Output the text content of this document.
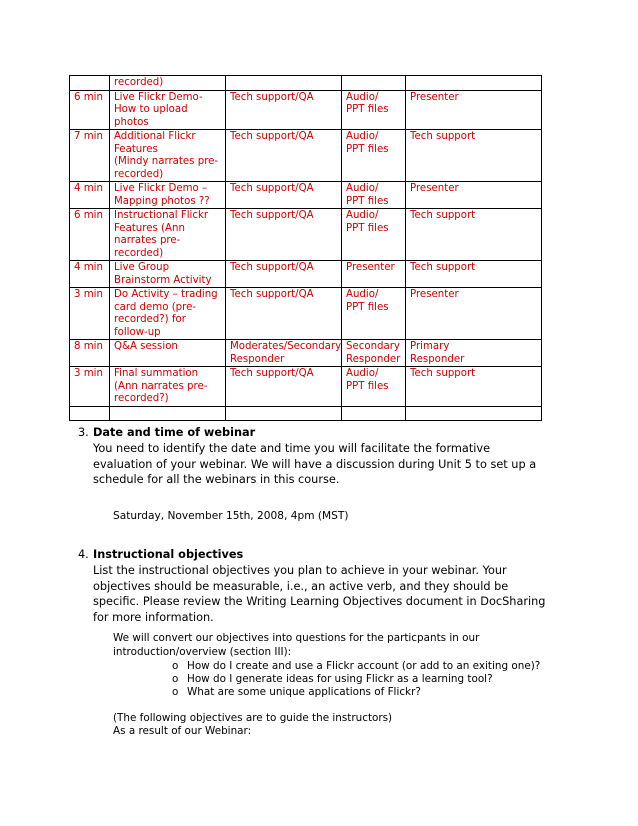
	recorded)			

6 min	Live Flickr Demo-
How to upload
photos	Tech support/QA	Audio/
PPT files	Presenter

7 min	Additional Flickr
Features
(Mindy narrates pre-
recorded)	Tech support/QA	Audio/
PPT files	Tech support

4 min	Live Flickr Demo –
Mapping photos ??	Tech support/QA	Audio/
PPT files	Presenter

6 min	Instructional Flickr
Features (Ann
narrates pre-
recorded)	Tech support/QA	Audio/
PPT files	Tech support

4 min	Live Group
Brainstorm Activity	Tech support/QA	Presenter	Tech support

3 min	Do Activity – trading
card demo (pre-
recorded?) for
follow-up	Tech support/QA	Audio/
PPT files	Presenter

8 min	Q&A session	Moderates/Secondary
Responder	Secondary
Responder	Primary
Responder

3 min	Final summation
(Ann narrates pre-
recorded?)	Tech support/QA	Audio/
PPT files	Tech support

3. Date and time of webinar
You need to identify the date and time you will facilitate the formative
evaluation of your webinar. We will have a discussion during Unit 5 to set up a
schedule for all the webinars in this course.
Saturday, November 15th, 2008, 4pm (MST)
4. Instructional objectives
List the instructional objectives you plan to achieve in your webinar. Your
objectives should be measurable, i.e., an active verb, and they should be
specific. Please review the Writing Learning Objectives document in DocSharing
for more information.
We will convert our objectives into questions for the particpants in our
introduction/overview (section III):
o How do I create and use a Flickr account (or add to an exiting one)?
o How do I generate ideas for using Flickr as a learning tool?
o What are some unique applications of Flickr?
(The following objectives are to guide the instructors)
As a result of our Webinar:
